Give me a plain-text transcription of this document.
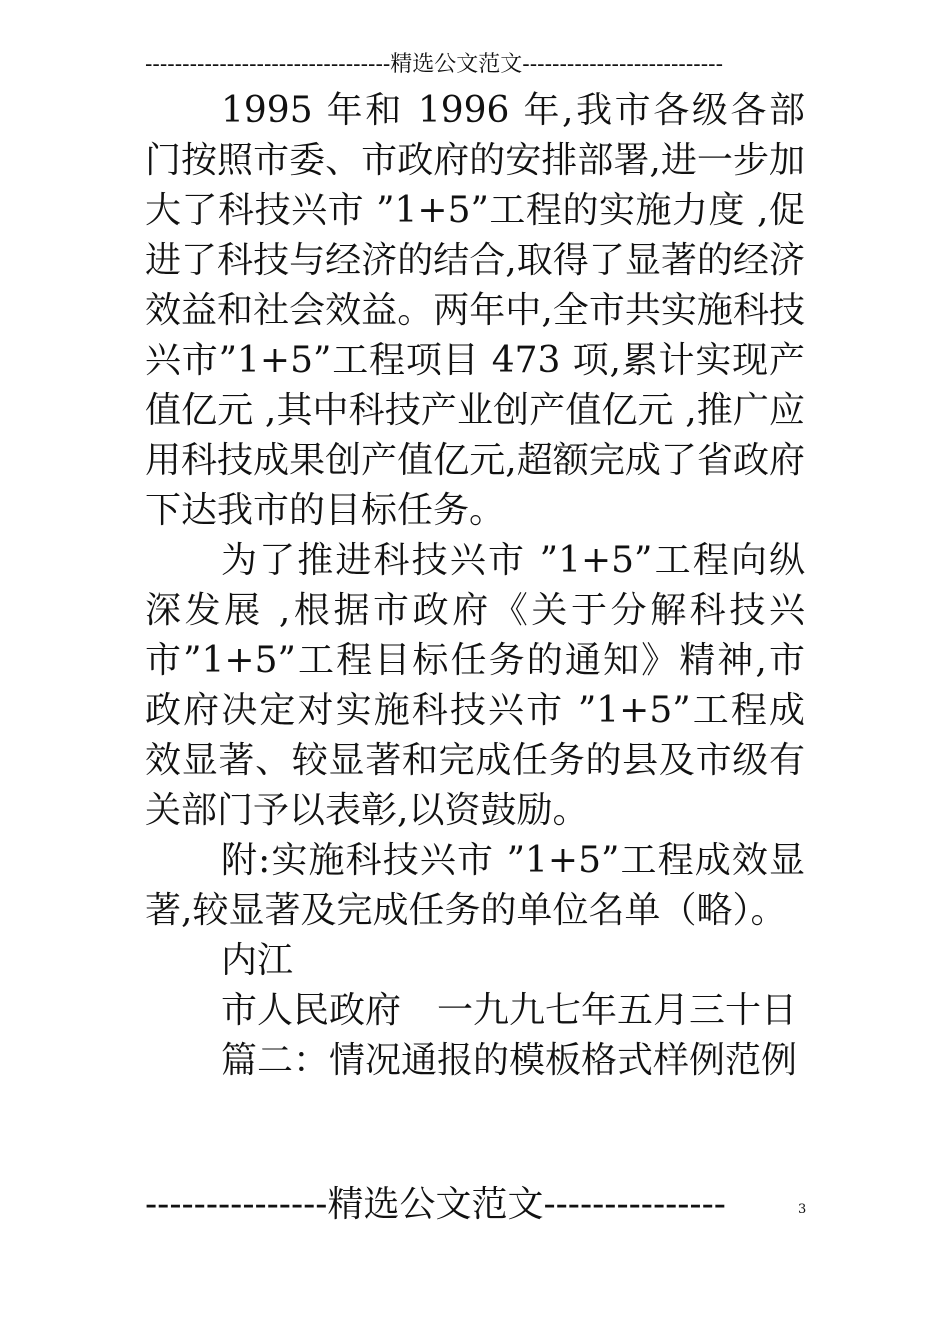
---------------------------------精选公文范文---------------------------

1995 年和 1996 年,我市各级各部门按照市委、市政府的安排部署,进一步加大了科技兴市 ”1+5”工程的实施力度 ,促进了科技与经济的结合,取得了显著的经济效益和社会效益。两年中,全市共实施科技兴市”1+5”工程项目 473 项,累计实现产值亿元 ,其中科技产业创产值亿元 ,推广应用科技成果创产值亿元,超额完成了省政府下达我市的目标任务。

为了推进科技兴市 ”1+5”工程向纵深发展 ,根据市政府《关于分解科技兴市”1+5”工程目标任务的通知》精神,市政府决定对实施科技兴市 ”1+5”工程成效显著、较显著和完成任务的县及市级有关部门予以表彰,以资鼓励。

附:实施科技兴市 ”1+5”工程成效显著,较显著及完成任务的单位名单（略）。

内江

市人民政府　一九九七年五月三十日

篇二：情况通报的模板格式样例范例

---------------精选公文范文---------------	3
